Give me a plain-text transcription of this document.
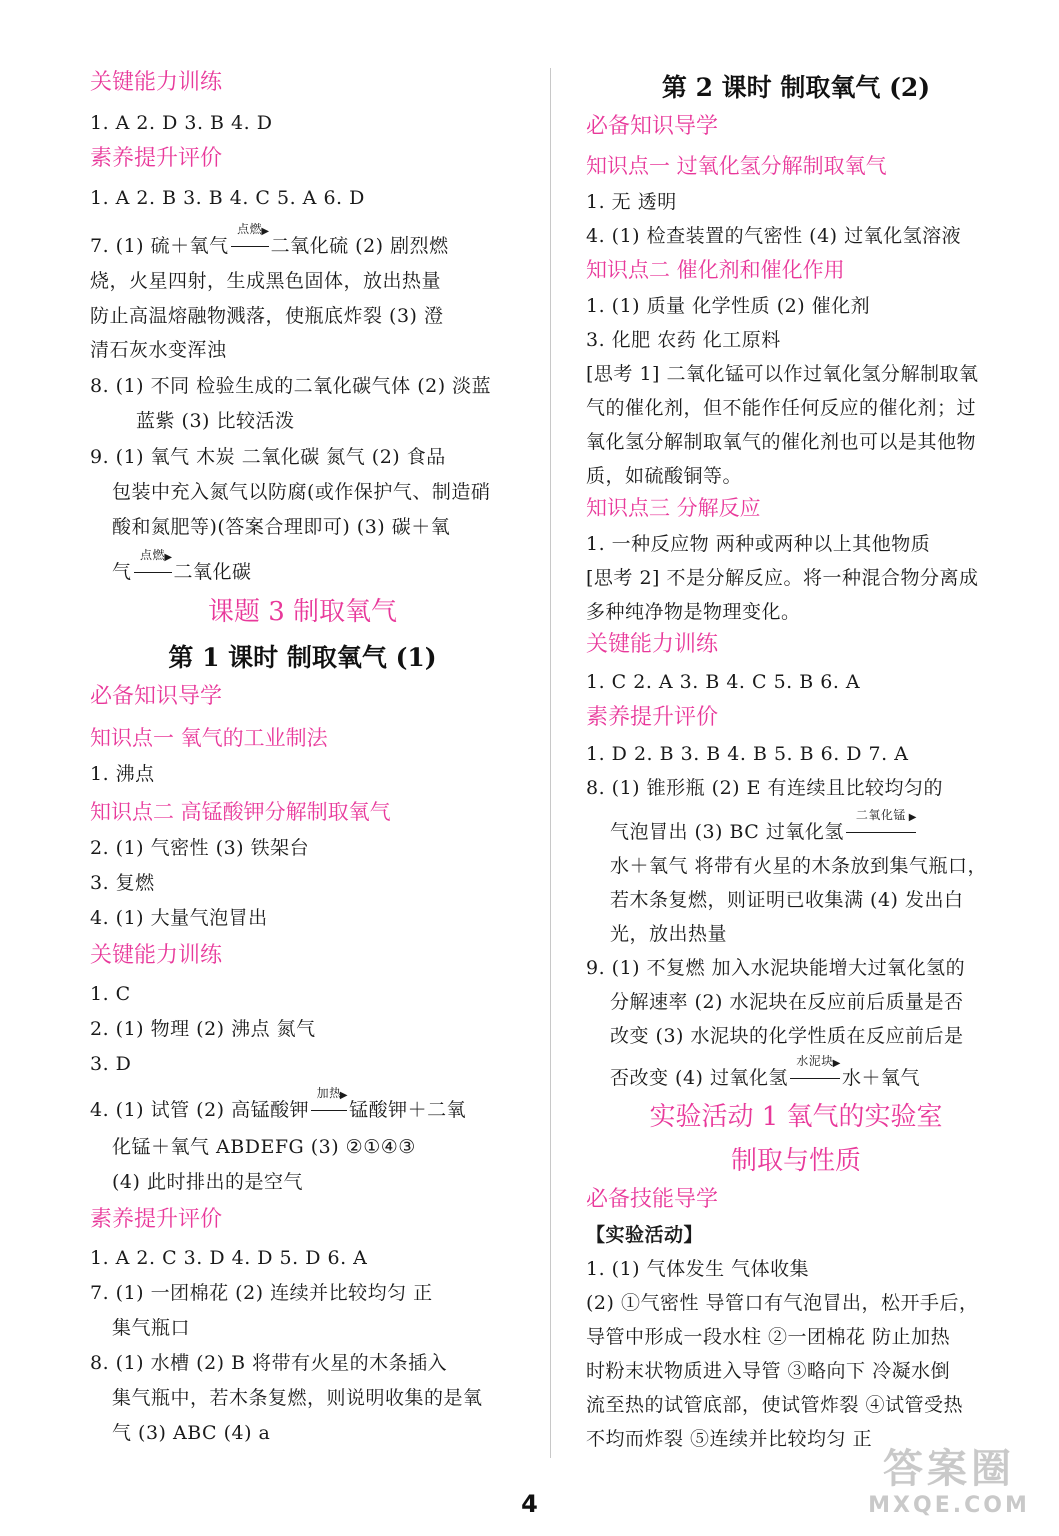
关键能力训练
1. A 2. D 3. B 4. D
素养提升评价
1. A 2. B 3. B 4. C 5. A 6. D
7. (1) 硫＋氧气
点燃 ▶
二氧化硫 (2) 剧烈燃
烧，火星四射，生成黑色固体，放出热量
防止高温熔融物溅落，使瓶底炸裂 (3) 澄
清石灰水变浑浊
8. (1) 不同 检验生成的二氧化碳气体 (2) 淡蓝
蓝紫 (3) 比较活泼
9. (1) 氧气 木炭 二氧化碳 氮气 (2) 食品
包装中充入氮气以防腐(或作保护气、制造硝
酸和氮肥等)(答案合理即可) (3) 碳＋氧
气
点燃 ▶
二氧化碳
课题 3 制取氧气
第 1 课时 制取氧气 (1)
必备知识导学
知识点一 氧气的工业制法
1. 沸点
知识点二 高锰酸钾分解制取氧气
2. (1) 气密性 (3) 铁架台
3. 复燃
4. (1) 大量气泡冒出
关键能力训练
1. C
2. (1) 物理 (2) 沸点 氮气
3. D
4. (1) 试管 (2) 高锰酸钾
加热
▶
锰酸钾＋二氧
化锰＋氧气 ABDEFG (3) ②①④③
(4) 此时排出的是空气
素养提升评价
1. A 2. C 3. D 4. D 5. D 6. A
7. (1) 一团棉花 (2) 连续并比较均匀 正
集气瓶口
8. (1) 水槽 (2) B 将带有火星的木条插入
集气瓶中，若木条复燃，则说明收集的是氧
气 (3) ABC (4) a
第 2 课时 制取氧气 (2)
必备知识导学
知识点一 过氧化氢分解制取氧气
1. 无 透明
4. (1) 检查装置的气密性 (4) 过氧化氢溶液
知识点二 催化剂和催化作用
1. (1) 质量 化学性质 (2) 催化剂
3. 化肥 农药 化工原料
[思考 1] 二氧化锰可以作过氧化氢分解制取氧
气的催化剂，但不能作任何反应的催化剂；过
氧化氢分解制取氧气的催化剂也可以是其他物
质，如硫酸铜等。
知识点三 分解反应
1. 一种反应物 两种或两种以上其他物质
[思考 2] 不是分解反应。将一种混合物分离成
多种纯净物是物理变化。
关键能力训练
1. C 2. A 3. B 4. C 5. B 6. A
素养提升评价
1. D 2. B 3. B 4. B 5. B 6. D 7. A
8. (1) 锥形瓶 (2) E 有连续且比较均匀的
气泡冒出 (3) BC 过氧化氢
二氧化锰 ▶
水＋氧气 将带有火星的木条放到集气瓶口，
若木条复燃，则证明已收集满 (4) 发出白
光，放出热量
9. (1) 不复燃 加入水泥块能增大过氧化氢的
分解速率 (2) 水泥块在反应前后质量是否
改变 (3) 水泥块的化学性质在反应前后是
否改变 (4) 过氧化氢
水泥块 ▶
水＋氧气
实验活动 1 氧气的实验室
制取与性质
必备技能导学
【实验活动】
1. (1) 气体发生 气体收集
(2) ①气密性 导管口有气泡冒出，松开手后，
导管中形成一段水柱 ②一团棉花 防止加热
时粉末状物质进入导管 ③略向下 冷凝水倒
流至热的试管底部，使试管炸裂 ④试管受热
不均而炸裂 ⑤连续并比较均匀 正
4
答案圈
MXQE.COM
